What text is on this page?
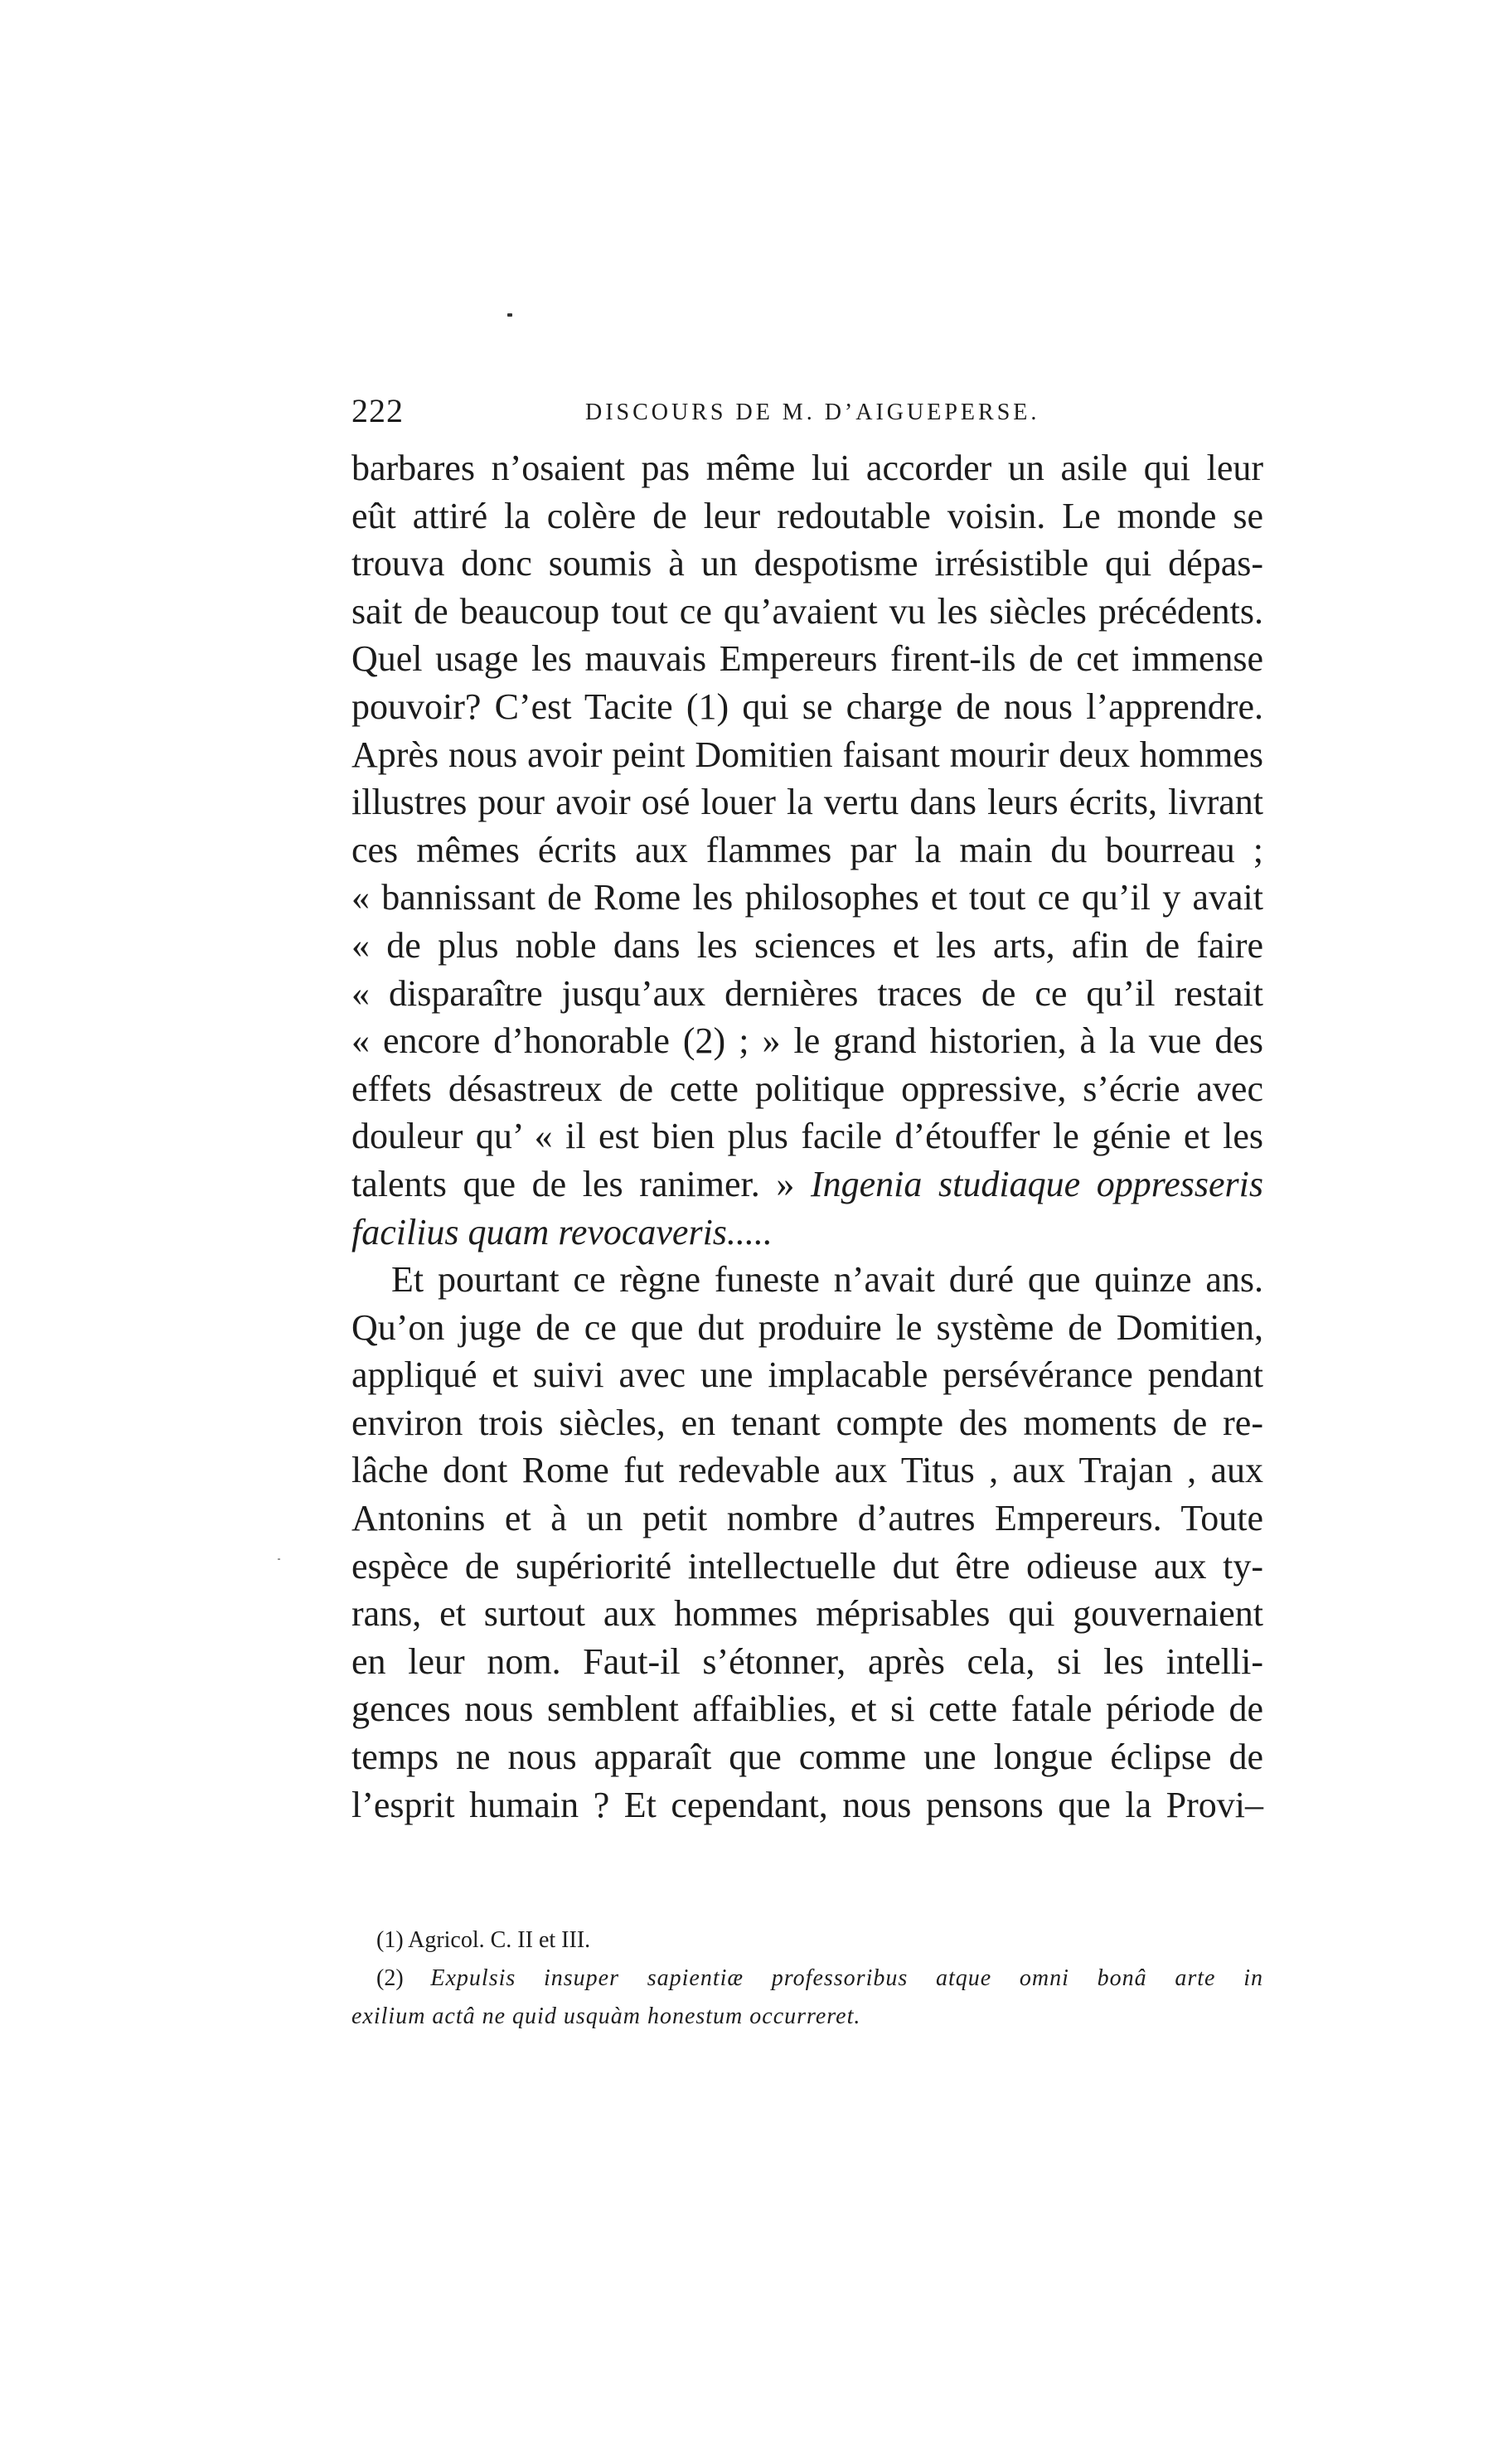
222	DISCOURS DE M. D’AIGUEPERSE.
barbares n’osaient pas même lui accorder un asile qui leur
eût attiré la colère de leur redoutable voisin. Le monde se
trouva donc soumis à un despotisme irrésistible qui dépas-
sait de beaucoup tout ce qu’avaient vu les siècles précédents.
Quel usage les mauvais Empereurs firent-ils de cet immense
pouvoir? C’est Tacite (1) qui se charge de nous l’apprendre.
Après nous avoir peint Domitien faisant mourir deux hommes
illustres pour avoir osé louer la vertu dans leurs écrits, livrant
ces mêmes écrits aux flammes par la main du bourreau ;
« bannissant de Rome les philosophes et tout ce qu’il y avait
« de plus noble dans les sciences et les arts, afin de faire
« disparaître jusqu’aux dernières traces de ce qu’il restait
« encore d’honorable (2) ; » le grand historien, à la vue des
effets désastreux de cette politique oppressive, s’écrie avec
douleur qu’ « il est bien plus facile d’étouffer le génie et les
talents que de les ranimer. » Ingenia studiaque oppresseris
facilius quam revocaveris.....
Et pourtant ce règne funeste n’avait duré que quinze ans.
Qu’on juge de ce que dut produire le système de Domitien,
appliqué et suivi avec une implacable persévérance pendant
environ trois siècles, en tenant compte des moments de re-
lâche dont Rome fut redevable aux Titus , aux Trajan , aux
Antonins et à un petit nombre d’autres Empereurs. Toute
espèce de supériorité intellectuelle dut être odieuse aux ty-
rans, et surtout aux hommes méprisables qui gouvernaient
en leur nom. Faut-il s’étonner, après cela, si les intelli-
gences nous semblent affaiblies, et si cette fatale période de
temps ne nous apparaît que comme une longue éclipse de
l’esprit humain ? Et cependant, nous pensons que la Provi–
(1) Agricol. C. II et III.
(2) Expulsis insuper sapientiæ professoribus atque omni bonâ arte in
exilium actâ ne quid usquàm honestum occurreret.
